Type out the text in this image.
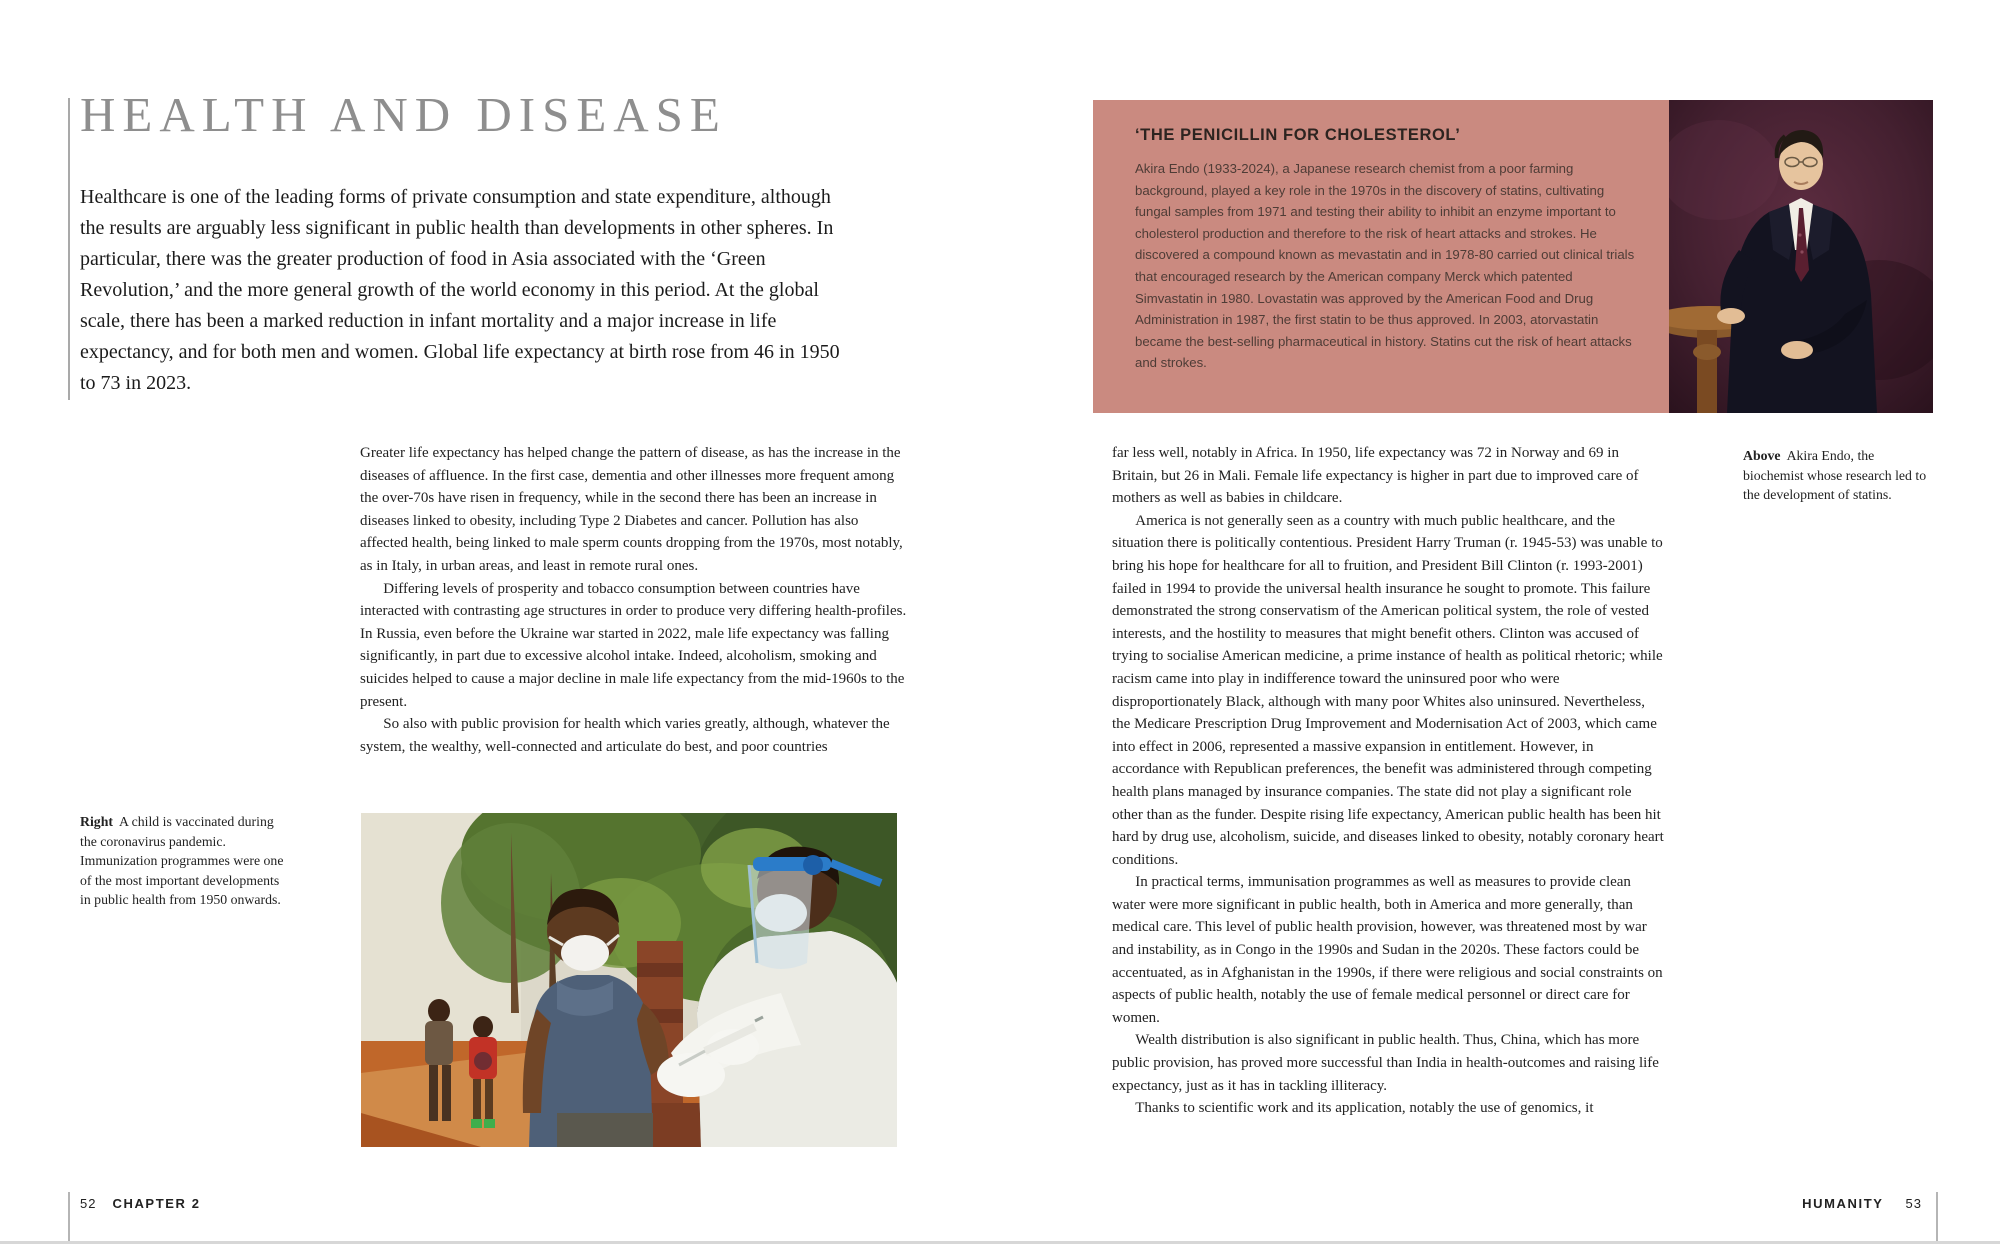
HEALTH AND DISEASE
Healthcare is one of the leading forms of private consumption and state expenditure, although the results are arguably less significant in public health than developments in other spheres. In particular, there was the greater production of food in Asia associated with the ‘Green Revolution,’ and the more general growth of the world economy in this period. At the global scale, there has been a marked reduction in infant mortality and a major increase in life expectancy, and for both men and women. Global life expectancy at birth rose from 46 in 1950 to 73 in 2023.

Greater life expectancy has helped change the pattern of disease, as has the increase in the diseases of affluence. In the first case, dementia and other illnesses more frequent among the over-70s have risen in frequency, while in the second there has been an increase in diseases linked to obesity, including Type 2 Diabetes and cancer. Pollution has also affected health, being linked to male sperm counts dropping from the 1970s, most notably, as in Italy, in urban areas, and least in remote rural ones.

Differing levels of prosperity and tobacco consumption between countries have interacted with contrasting age structures in order to produce very differing health-profiles. In Russia, even before the Ukraine war started in 2022, male life expectancy was falling significantly, in part due to excessive alcohol intake. Indeed, alcoholism, smoking and suicides helped to cause a major decline in male life expectancy from the mid-1960s to the present.

So also with public provision for health which varies greatly, although, whatever the system, the wealthy, well-connected and articulate do best, and poor countries

Right A child is vaccinated during the coronavirus pandemic. Immunization programmes were one of the most important developments in public health from 1950 onwards.
52 CHAPTER 2
‘THE PENICILLIN FOR CHOLESTEROL’

Akira Endo (1933-2024), a Japanese research chemist from a poor farming background, played a key role in the 1970s in the discovery of statins, cultivating fungal samples from 1971 and testing their ability to inhibit an enzyme important to cholesterol production and therefore to the risk of heart attacks and strokes. He discovered a compound known as mevastatin and in 1978-80 carried out clinical trials that encouraged research by the American company Merck which patented Simvastatin in 1980. Lovastatin was approved by the American Food and Drug Administration in 1987, the first statin to be thus approved. In 2003, atorvastatin became the best-selling pharmaceutical in history. Statins cut the risk of heart attacks and strokes.

Above Akira Endo, the biochemist whose research led to the development of statins.

far less well, notably in Africa. In 1950, life expectancy was 72 in Norway and 69 in Britain, but 26 in Mali. Female life expectancy is higher in part due to improved care of mothers as well as babies in childcare.

America is not generally seen as a country with much public healthcare, and the situation there is politically contentious. President Harry Truman (r. 1945-53) was unable to bring his hope for healthcare for all to fruition, and President Bill Clinton (r. 1993-2001) failed in 1994 to provide the universal health insurance he sought to promote. This failure demonstrated the strong conservatism of the American political system, the role of vested interests, and the hostility to measures that might benefit others. Clinton was accused of trying to socialise American medicine, a prime instance of health as political rhetoric; while racism came into play in indifference toward the uninsured poor who were disproportionately Black, although with many poor Whites also uninsured. Nevertheless, the Medicare Prescription Drug Improvement and Modernisation Act of 2003, which came into effect in 2006, represented a massive expansion in entitlement. However, in accordance with Republican preferences, the benefit was administered through competing health plans managed by insurance companies. The state did not play a significant role other than as the funder. Despite rising life expectancy, American public health has been hit hard by drug use, alcoholism, suicide, and diseases linked to obesity, notably coronary heart conditions.

In practical terms, immunisation programmes as well as measures to provide clean water were more significant in public health, both in America and more generally, than medical care. This level of public health provision, however, was threatened most by war and instability, as in Congo in the 1990s and Sudan in the 2020s. These factors could be accentuated, as in Afghanistan in the 1990s, if there were religious and social constraints on aspects of public health, notably the use of female medical personnel or direct care for women.

Wealth distribution is also significant in public health. Thus, China, which has more public provision, has proved more successful than India in health-outcomes and raising life expectancy, just as it has in tackling illiteracy.

Thanks to scientific work and its application, notably the use of genomics, it

HUMANITY 53
